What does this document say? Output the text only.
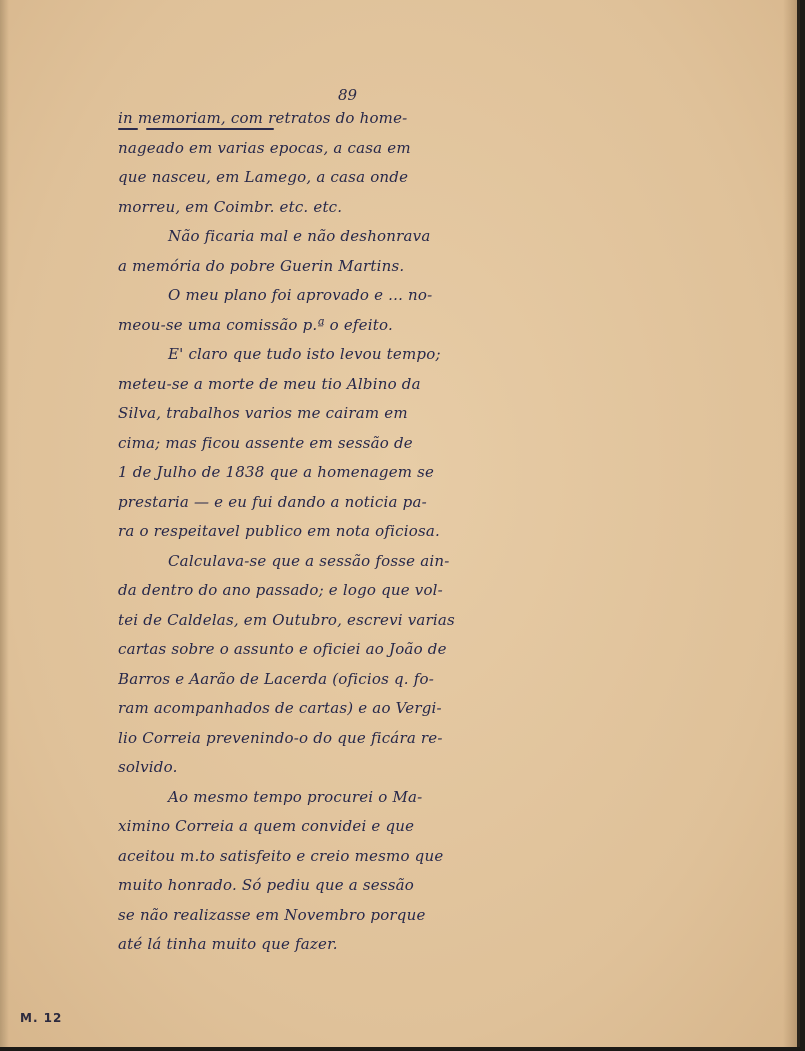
89
in memoriam, com retratos do home-
nageado em varias epocas, a casa em
que nasceu, em Lamego, a casa onde
morreu, em Coimbr. etc. etc.
Não ficaria mal e não deshonrava
a memória do pobre Guerin Martins.
O meu plano foi aprovado e ... no-
meou-se uma comissão p.ª o efeito.
E' claro que tudo isto levou tempo;
meteu-se a morte de meu tio Albino da
Silva, trabalhos varios me cairam em
cima; mas ficou assente em sessão de
1 de Julho de 1838 que a homenagem se
prestaria — e eu fui dando a noticia pa-
ra o respeitavel publico em nota oficiosa.
Calculava-se que a sessão fosse ain-
da dentro do ano passado; e logo que vol-
tei de Caldelas, em Outubro, escrevi varias
cartas sobre o assunto e oficiei ao João de
Barros e Aarão de Lacerda (oficios q. fo-
ram acompanhados de cartas) e ao Vergi-
lio Correia prevenindo-o do que ficára re-
solvido.
Ao mesmo tempo procurei o Ma-
ximino Correia a quem convidei e que
aceitou m.to satisfeito e creio mesmo que
muito honrado. Só pediu que a sessão
se não realizasse em Novembro porque
até lá tinha muito que fazer.
M. 12
